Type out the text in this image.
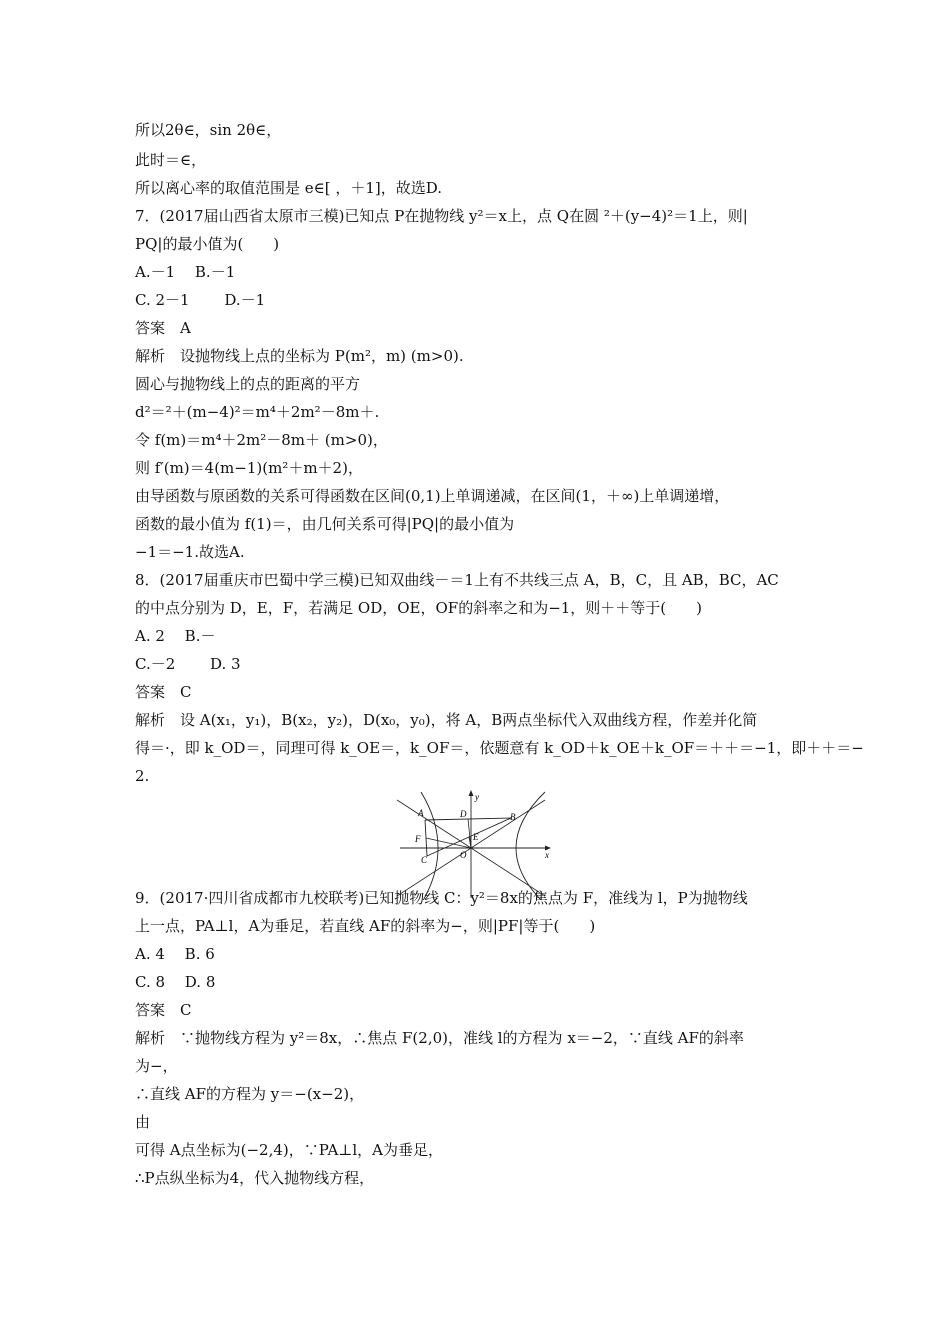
所以2θ∈，sin 2θ∈，
此时＝∈，
所以离心率的取值范围是 e∈[ ，＋1]，故选D.
7．(2017届山西省太原市三模)已知点 P在抛物线 y²＝x上，点 Q在圆 ²＋(y−4)²＝1上，则|
PQ|的最小值为(　　)
A.－1　 B.－1
C. 2－1　　 D.－1
答案　A
解析　设抛物线上点的坐标为 P(m²，m) (m>0).
圆心与抛物线上的点的距离的平方
d²＝²＋(m−4)²＝m⁴＋2m²－8m＋.
令 f(m)＝m⁴＋2m²－8m＋ (m>0)，
则 f′(m)＝4(m−1)(m²＋m＋2)，
由导函数与原函数的关系可得函数在区间(0,1)上单调递减，在区间(1，＋∞)上单调递增，
函数的最小值为 f(1)＝，由几何关系可得|PQ|的最小值为
−1＝−1.故选A.
8．(2017届重庆市巴蜀中学三模)已知双曲线－＝1上有不共线三点 A，B，C，且 AB，BC，AC
的中点分别为 D，E，F，若满足 OD，OE，OF的斜率之和为−1，则＋＋等于(　　)
A. 2　 B.－
C.－2　　 D. 3
答案　C
解析　设 A(x₁，y₁)，B(x₂，y₂)，D(x₀，y₀)，将 A，B两点坐标代入双曲线方程，作差并化简
得＝·，即 k_OD＝，同理可得 k_OE＝，k_OF＝，依题意有 k_OD＋k_OE＋k_OF＝＋＋＝−1，即＋＋＝−
2.
9．(2017·四川省成都市九校联考)已知抛物线 C：y²＝8x的焦点为 F，准线为 l，P为抛物线
上一点，PA⊥l，A为垂足，若直线 AF的斜率为−，则|PF|等于(　　)
A. 4　 B. 6
C. 8　 D. 8
答案　C
解析　∵抛物线方程为 y²＝8x，∴焦点 F(2,0)，准线 l的方程为 x＝−2，∵直线 AF的斜率
为−，
∴直线 AF的方程为 y＝−(x−2)，
由
可得 A点坐标为(−2,4)，∵PA⊥l，A为垂足，
∴P点纵坐标为4，代入抛物线方程，
y
A	D	B
E
F
C	O	x
